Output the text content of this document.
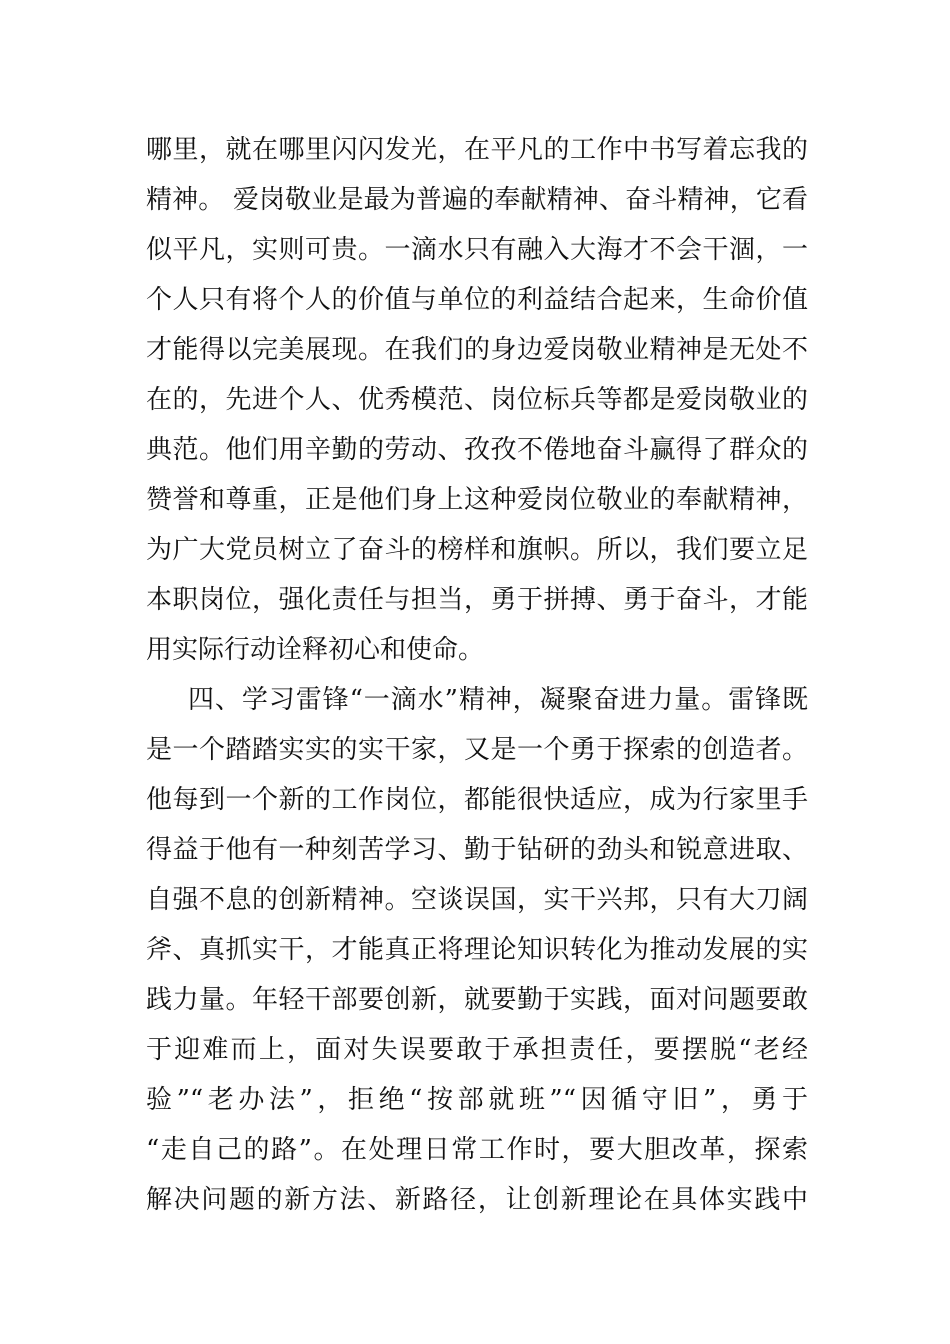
哪里，就在哪里闪闪发光，在平凡的工作中书写着忘我的
精神。 爱岗敬业是最为普遍的奉献精神、奋斗精神，它看
似平凡，实则可贵。一滴水只有融入大海才不会干涸，一
个人只有将个人的价值与单位的利益结合起来，生命价值
才能得以完美展现。在我们的身边爱岗敬业精神是无处不
在的，先进个人、优秀模范、岗位标兵等都是爱岗敬业的
典范。他们用辛勤的劳动、孜孜不倦地奋斗赢得了群众的
赞誉和尊重，正是他们身上这种爱岗位敬业的奉献精神，
为广大党员树立了奋斗的榜样和旗帜。所以，我们要立足
本职岗位，强化责任与担当，勇于拼搏、勇于奋斗，才能
用实际行动诠释初心和使命。
四、学习雷锋“一滴水”精神，凝聚奋进力量。雷锋既
是一个踏踏实实的实干家，又是一个勇于探索的创造者。
他每到一个新的工作岗位，都能很快适应，成为行家里手
得益于他有一种刻苦学习、勤于钻研的劲头和锐意进取、
自强不息的创新精神。空谈误国，实干兴邦，只有大刀阔
斧、真抓实干，才能真正将理论知识转化为推动发展的实
践力量。年轻干部要创新，就要勤于实践，面对问题要敢
于迎难而上，面对失误要敢于承担责任，要摆脱“老经
验”“老办法”，拒绝“按部就班”“因循守旧”，勇于
“走自己的路”。在处理日常工作时，要大胆改革，探索
解决问题的新方法、新路径，让创新理论在具体实践中
